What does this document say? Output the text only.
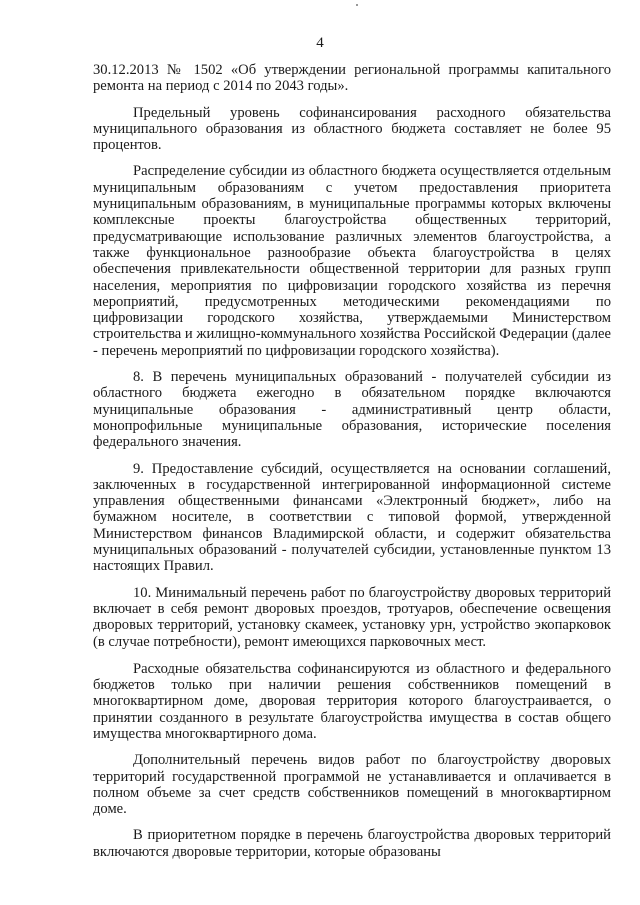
4

30.12.2013 № 1502 «Об утверждении региональной программы капитального ремонта на период с 2014 по 2043 годы».

Предельный уровень софинансирования расходного обязательства муниципального образования из областного бюджета составляет не более 95 процентов.

Распределение субсидии из областного бюджета осуществляется отдельным муниципальным образованиям с учетом предоставления приоритета муниципальным образованиям, в муниципальные программы которых включены комплексные проекты благоустройства общественных территорий, предусматривающие использование различных элементов благоустройства, а также функциональное разнообразие объекта благоустройства в целях обеспечения привлекательности общественной территории для разных групп населения, мероприятия по цифровизации городского хозяйства из перечня мероприятий, предусмотренных методическими рекомендациями по цифровизации городского хозяйства, утверждаемыми Министерством строительства и жилищно-коммунального хозяйства Российской Федерации (далее - перечень мероприятий по цифровизации городского хозяйства).

8. В перечень муниципальных образований - получателей субсидии из областного бюджета ежегодно в обязательном порядке включаются муниципальные образования - административный центр области, монопрофильные муниципальные образования, исторические поселения федерального значения.

9. Предоставление субсидий, осуществляется на основании соглашений, заключенных в государственной интегрированной информационной системе управления общественными финансами «Электронный бюджет», либо на бумажном носителе, в соответствии с типовой формой, утвержденной Министерством финансов Владимирской области, и содержит обязательства муниципальных образований - получателей субсидии, установленные пунктом 13 настоящих Правил.

10. Минимальный перечень работ по благоустройству дворовых территорий включает в себя ремонт дворовых проездов, тротуаров, обеспечение освещения дворовых территорий, установку скамеек, установку урн, устройство экопарковок (в случае потребности), ремонт имеющихся парковочных мест.

Расходные обязательства софинансируются из областного и федерального бюджетов только при наличии решения собственников помещений в многоквартирном доме, дворовая территория которого благоустраивается, о принятии созданного в результате благоустройства имущества в состав общего имущества многоквартирного дома.

Дополнительный перечень видов работ по благоустройству дворовых территорий государственной программой не устанавливается и оплачивается в полном объеме за счет средств собственников помещений в многоквартирном доме.

В приоритетном порядке в перечень благоустройства дворовых территорий включаются дворовые территории, которые образованы
